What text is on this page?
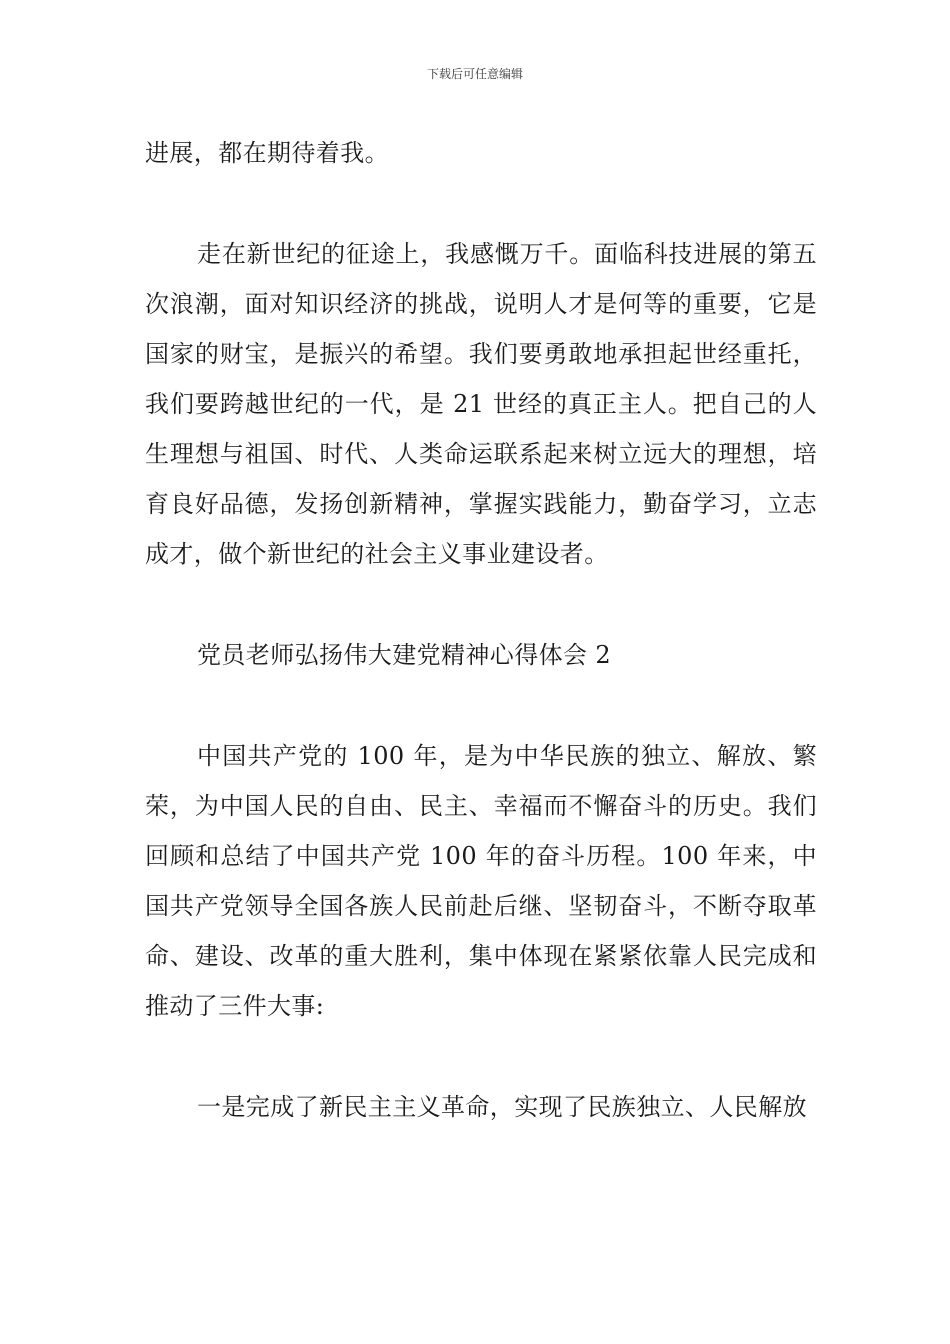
下载后可任意编辑

进展，都在期待着我。

走在新世纪的征途上，我感慨万千。面临科技进展的第五次浪潮，面对知识经济的挑战，说明人才是何等的重要，它是国家的财宝，是振兴的希望。我们要勇敢地承担起世经重托，我们要跨越世纪的一代，是 21 世经的真正主人。把自己的人生理想与祖国、时代、人类命运联系起来树立远大的理想，培育良好品德，发扬创新精神，掌握实践能力，勤奋学习，立志成才，做个新世纪的社会主义事业建设者。

党员老师弘扬伟大建党精神心得体会 2

中国共产党的 100 年，是为中华民族的独立、解放、繁荣，为中国人民的自由、民主、幸福而不懈奋斗的历史。我们回顾和总结了中国共产党 100 年的奋斗历程。100 年来，中国共产党领导全国各族人民前赴后继、坚韧奋斗，不断夺取革命、建设、改革的重大胜利，集中体现在紧紧依靠人民完成和推动了三件大事:

一是完成了新民主主义革命，实现了民族独立、人民解放
